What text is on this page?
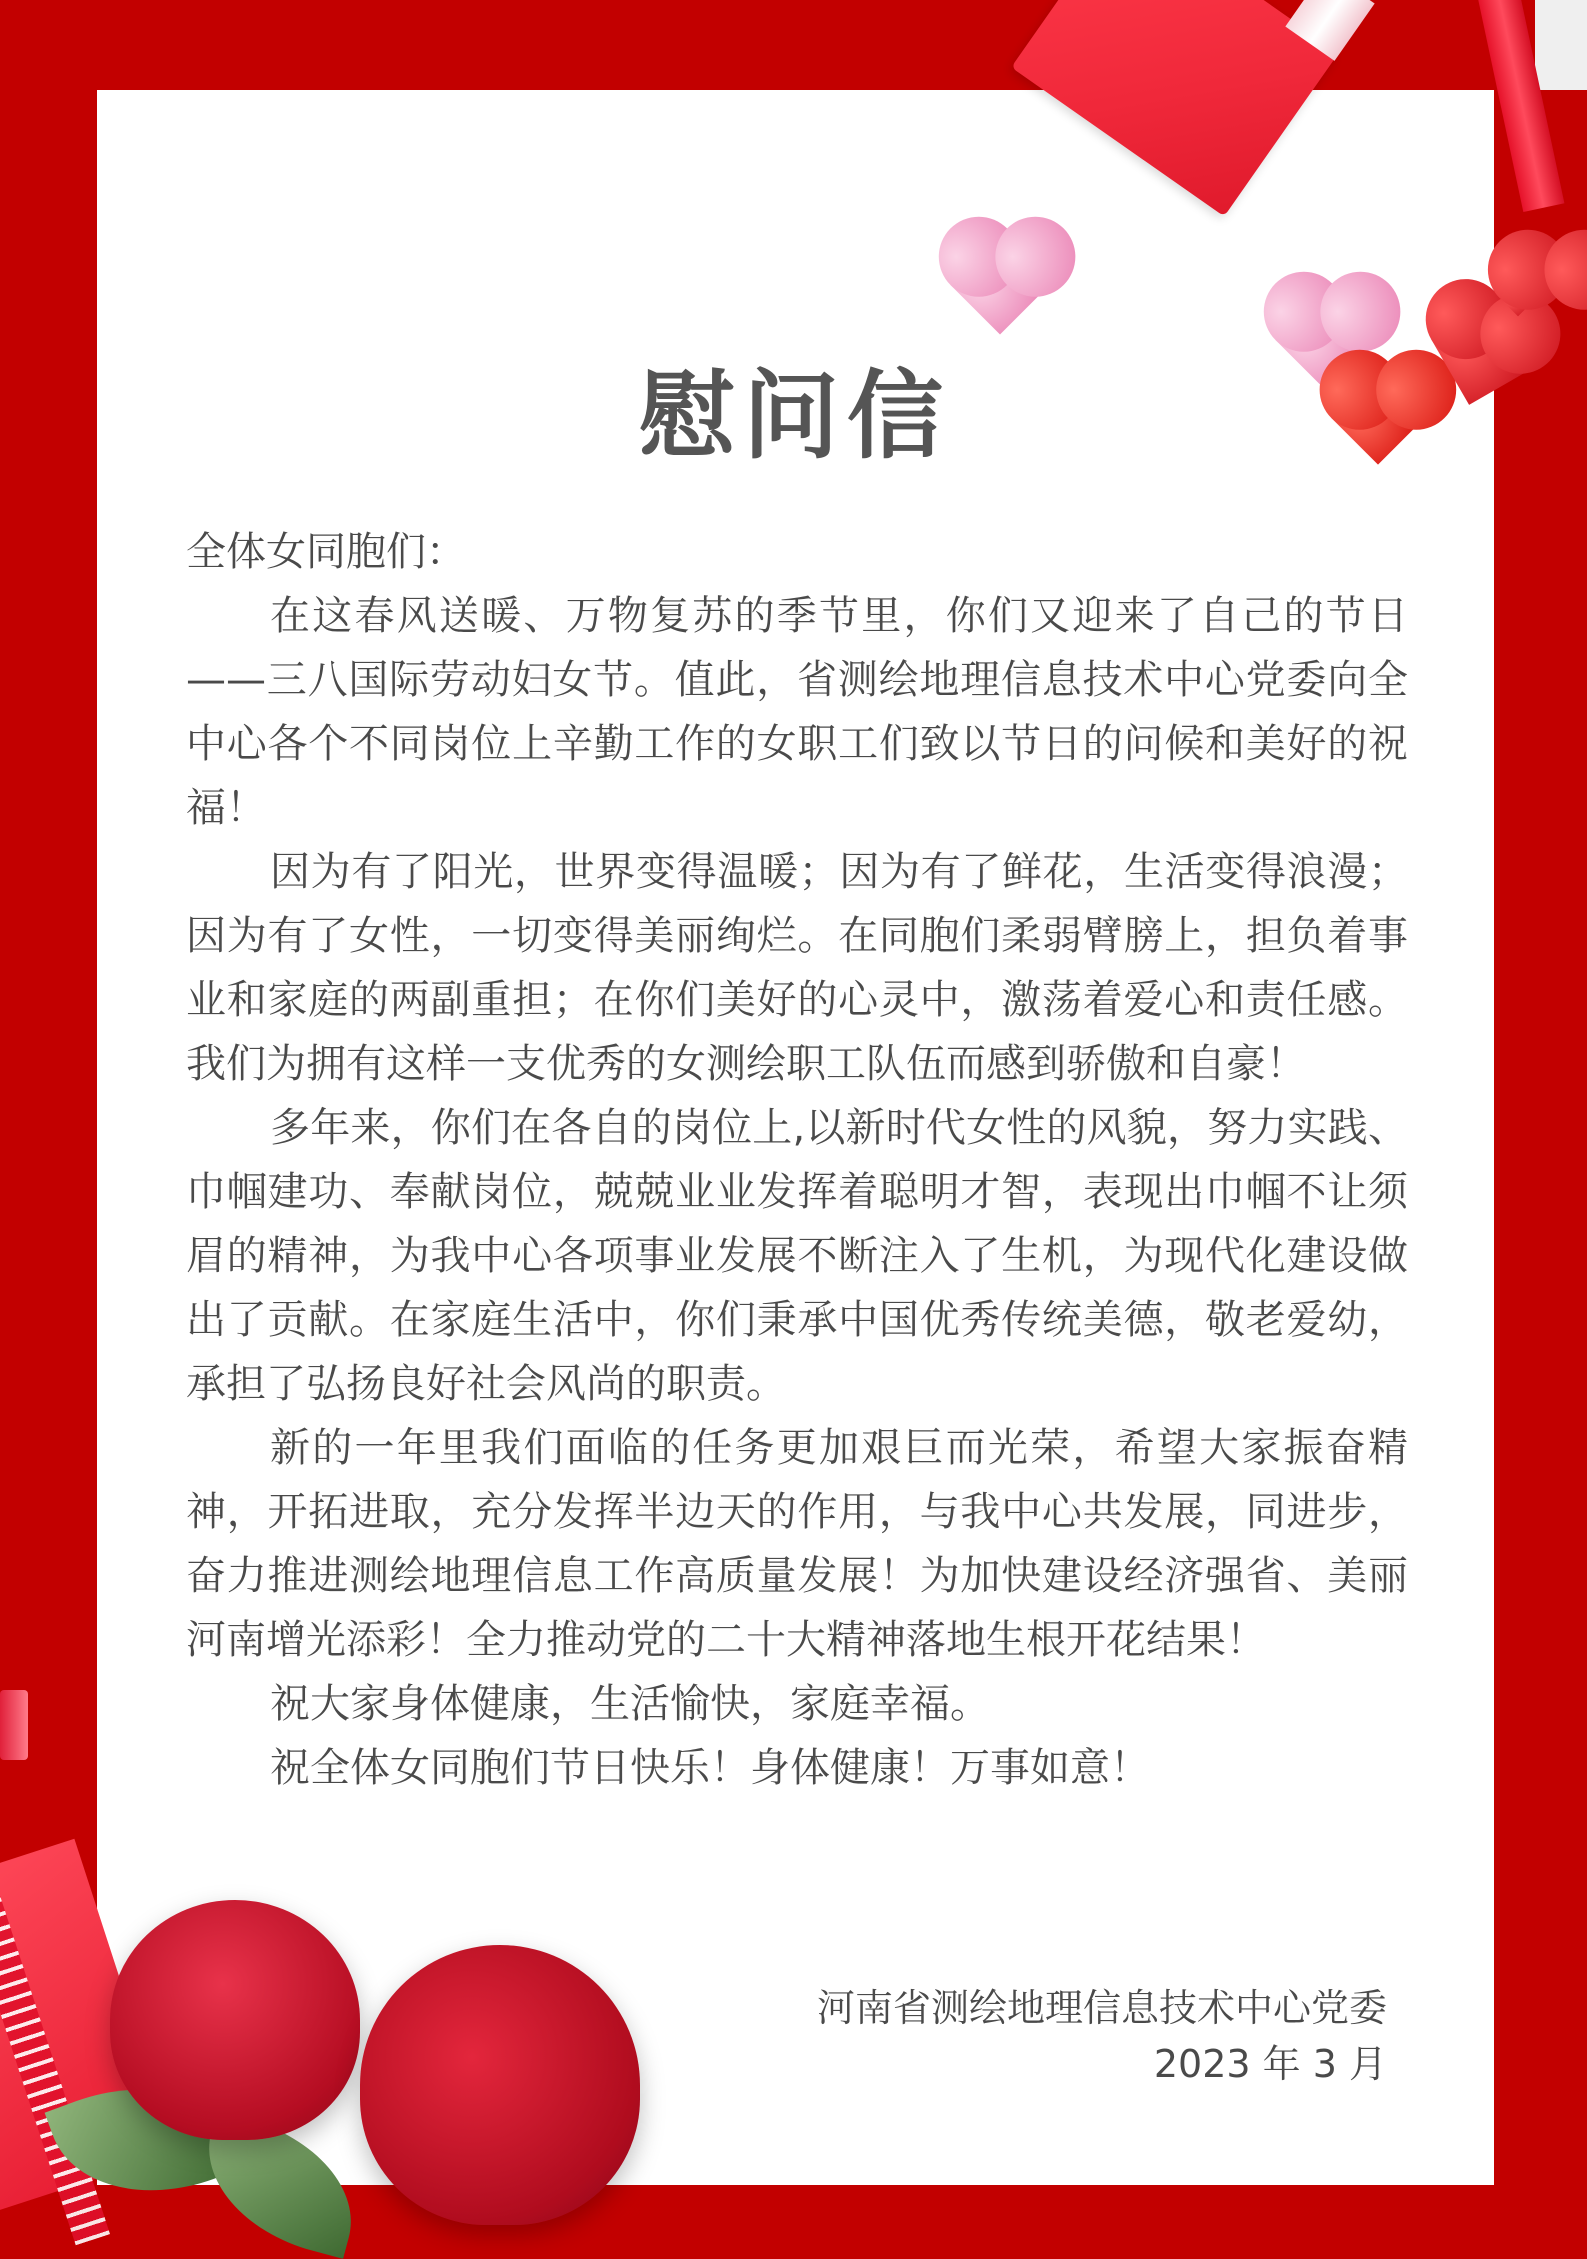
慰问信

全体女同胞们：

在这春风送暖、万物复苏的季节里，你们又迎来了自己的节日——三八国际劳动妇女节。值此，省测绘地理信息技术中心党委向全中心各个不同岗位上辛勤工作的女职工们致以节日的问候和美好的祝福！

因为有了阳光，世界变得温暖；因为有了鲜花，生活变得浪漫；因为有了女性，一切变得美丽绚烂。在同胞们柔弱臂膀上，担负着事业和家庭的两副重担；在你们美好的心灵中，激荡着爱心和责任感。我们为拥有这样一支优秀的女测绘职工队伍而感到骄傲和自豪！

多年来，你们在各自的岗位上,以新时代女性的风貌，努力实践、巾帼建功、奉献岗位，兢兢业业发挥着聪明才智，表现出巾帼不让须眉的精神，为我中心各项事业发展不断注入了生机，为现代化建设做出了贡献。在家庭生活中，你们秉承中国优秀传统美德，敬老爱幼，承担了弘扬良好社会风尚的职责。

新的一年里我们面临的任务更加艰巨而光荣，希望大家振奋精神，开拓进取，充分发挥半边天的作用，与我中心共发展，同进步，奋力推进测绘地理信息工作高质量发展！为加快建设经济强省、美丽河南增光添彩！全力推动党的二十大精神落地生根开花结果！

祝大家身体健康，生活愉快，家庭幸福。

祝全体女同胞们节日快乐！身体健康！万事如意！

河南省测绘地理信息技术中心党委
2023 年 3 月
